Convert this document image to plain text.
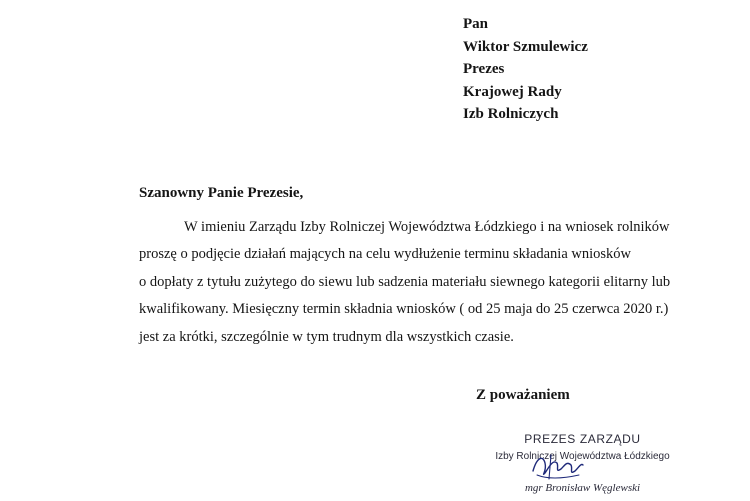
Pan
Wiktor Szmulewicz
Prezes
Krajowej Rady
Izb Rolniczych
Szanowny Panie Prezesie,
W imieniu Zarządu Izby Rolniczej Województwa Łódzkiego i na wniosek rolników
proszę o podjęcie działań mających na celu wydłużenie terminu składania wniosków
o dopłaty z tytułu zużytego do siewu lub sadzenia materiału siewnego kategorii elitarny lub
kwalifikowany. Miesięczny termin składnia wniosków ( od 25 maja do 25 czerwca 2020 r.)
jest za krótki, szczególnie w tym trudnym dla wszystkich czasie.
Z poważaniem
PREZES ZARZĄDU
Izby Rolniczej Województwa Łódzkiego
mgr Bronisław Węglewski
